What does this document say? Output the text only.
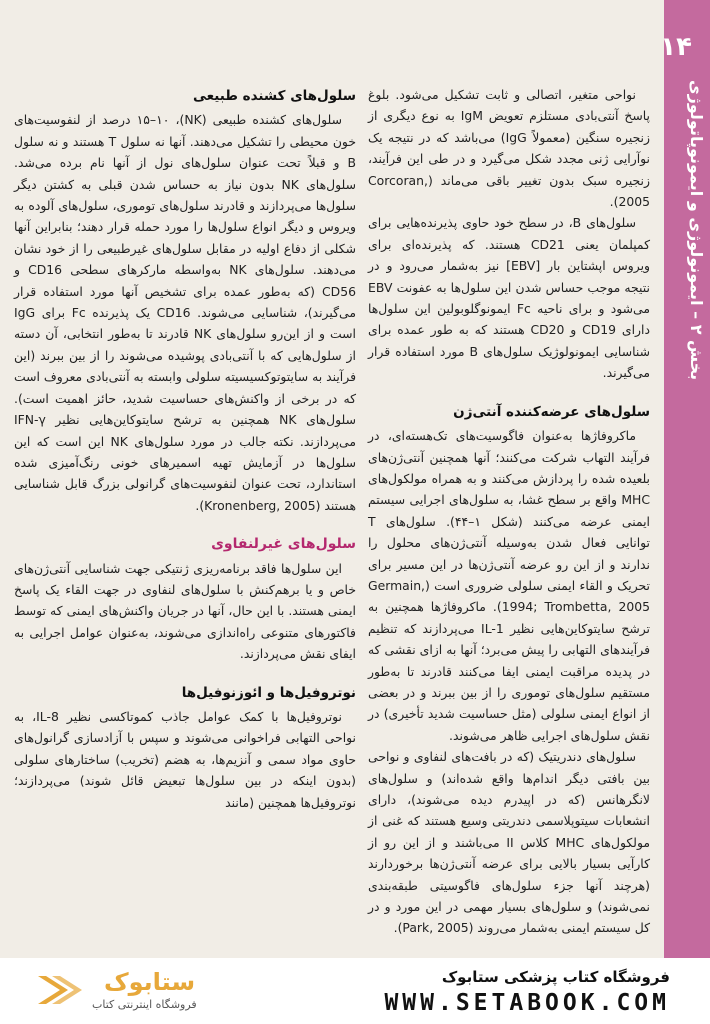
۱۴
بخش ۲ – ایمونولوژی و ایمونوپاتولوژی

نواحی متغیر، اتصالی و ثابت تشکیل می‌شود. بلوغ پاسخ آنتی‌بادی مستلزم تعویض IgM به نوع دیگری از زنجیره سنگین (معمولاً IgG) می‌باشد که در نتیجه یک نوآرایی ژنی مجدد شکل می‌گیرد و در طی این فرآیند، زنجیره سبک بدون تغییر باقی می‌ماند (Corcoran, 2005).

سلول‌های B، در سطح خود حاوی پذیرنده‌هایی برای کمپلمان یعنی CD21 هستند. که پذیرنده‌ای برای ویروس اپشتاین بار [EBV] نیز به‌شمار می‌رود و در نتیجه موجب حساس شدن این سلول‌ها به عفونت EBV می‌شود و برای ناحیه Fc ایمونوگلوبولین این سلول‌ها دارای CD19 و CD20 هستند که به طور عمده برای شناسایی ایمونولوژیک سلول‌های B مورد استفاده قرار می‌گیرند.

سلول‌های عرضه‌کننده آنتی‌ژن

ماکروفاژها به‌عنوان فاگوسیت‌های تک‌هسته‌ای، در فرآیند التهاب شرکت می‌کنند؛ آنها همچنین آنتی‌ژن‌های بلعیده شده را پردازش می‌کنند و به همراه مولکول‌های MHC واقع بر سطح غشا، به سلول‌های اجرایی سیستم ایمنی عرضه می‌کنند (شکل ۱–۴۴). سلول‌های T توانایی فعال شدن به‌وسیله آنتی‌ژن‌های محلول را ندارند و از این رو عرضه آنتی‌ژن‌ها در این مسیر برای تحریک و القاء ایمنی سلولی ضروری است (Germain, 1994; Trombetta, 2005). ماکروفاژها همچنین به ترشح سایتوکاین‌هایی نظیر IL-1 می‌پردازند که تنظیم فرآیندهای التهابی را پیش می‌برد؛ آنها به ازای نقشی که در پدیده مراقبت ایمنی ایفا می‌کنند قادرند تا به‌طور مستقیم سلول‌های توموری را از بین ببرند و در بعضی از انواع ایمنی سلولی (مثل حساسیت شدید تأخیری) در نقش سلول‌های اجرایی ظاهر می‌شوند.

سلول‌های دندریتیک (که در بافت‌های لنفاوی و نواحی بین بافتی دیگر اندام‌ها واقع شده‌اند) و سلول‌های لانگرهانس (که در اپیدرم دیده می‌شوند)، دارای انشعابات سیتوپلاسمی دندریتی وسیع هستند که غنی از مولکول‌های MHC کلاس II می‌باشند و از این رو از کارآیی بسیار بالایی برای عرضه آنتی‌ژن‌ها برخوردارند (هرچند آنها جزء سلول‌های فاگوسیتی طبقه‌بندی نمی‌شوند) و سلول‌های بسیار مهمی در این مورد و در کل سیستم ایمنی به‌شمار می‌روند (Park, 2005).

سلول‌های کشنده طبیعی

سلول‌های کشنده طبیعی (NK)، ۱۵–۱۰ درصد از لنفوسیت‌های خون محیطی را تشکیل می‌دهند. آنها نه سلول T هستند و نه سلول B و قبلاً تحت عنوان سلول‌های نول از آنها نام برده می‌شد. سلول‌های NK بدون نیاز به حساس شدن قبلی به کشتن دیگر سلول‌ها می‌پردازند و قادرند سلول‌های توموری، سلول‌های آلوده به ویروس و دیگر انواع سلول‌ها را مورد حمله قرار دهند؛ بنابراین آنها شکلی از دفاع اولیه در مقابل سلول‌های غیرطبیعی را از خود نشان می‌دهند. سلول‌های NK به‌واسطه مارکرهای سطحی CD16 و CD56 (که به‌طور عمده برای تشخیص آنها مورد استفاده قرار می‌گیرند)، شناسایی می‌شوند. CD16 یک پذیرنده Fc برای IgG است و از این‌رو سلول‌های NK قادرند تا به‌طور انتخابی، آن دسته از سلول‌هایی که با آنتی‌بادی پوشیده می‌شوند را از بین ببرند (این فرآیند به سایتوتوکسیسیته سلولی وابسته به آنتی‌بادی معروف است که در برخی از واکنش‌های حساسیت شدید، حائز اهمیت است). سلول‌های NK همچنین به ترشح سایتوکاین‌هایی نظیر IFN-γ می‌پردازند. نکته جالب در مورد سلول‌های NK این است که این سلول‌ها در آزمایش تهیه اسمیرهای خونی رنگ‌آمیزی شده استاندارد، تحت عنوان لنفوسیت‌های گرانولی بزرگ قابل شناسایی هستند (Kronenberg, 2005).

سلول‌های غیرلنفاوی

این سلول‌ها فاقد برنامه‌ریزی ژنتیکی جهت شناسایی آنتی‌ژن‌های خاص و یا برهم‌کنش با سلول‌های لنفاوی در جهت القاء یک پاسخ ایمنی هستند. با این حال، آنها در جریان واکنش‌های ایمنی که توسط فاکتورهای متنوعی راه‌اندازی می‌شوند، به‌عنوان عوامل اجرایی به ایفای نقش می‌پردازند.

نوتروفیل‌ها و ائوزنوفیل‌ها

نوتروفیل‌ها با کمک عوامل جاذب کموتاکسی نظیر IL-8، به نواحی التهابی فراخوانی می‌شوند و سپس با آزادسازی گرانول‌های حاوی مواد سمی و آنزیم‌ها، به هضم (تخریب) ساختارهای سلولی (بدون اینکه در بین سلول‌ها تبعیض قائل شوند) می‌پردازند؛ نوتروفیل‌ها همچنین (مانند

ستابوک
فروشگاه اینترنتی کتاب
فروشگاه کتاب پزشکی ستابوک
WWW.SETABOOK.COM
